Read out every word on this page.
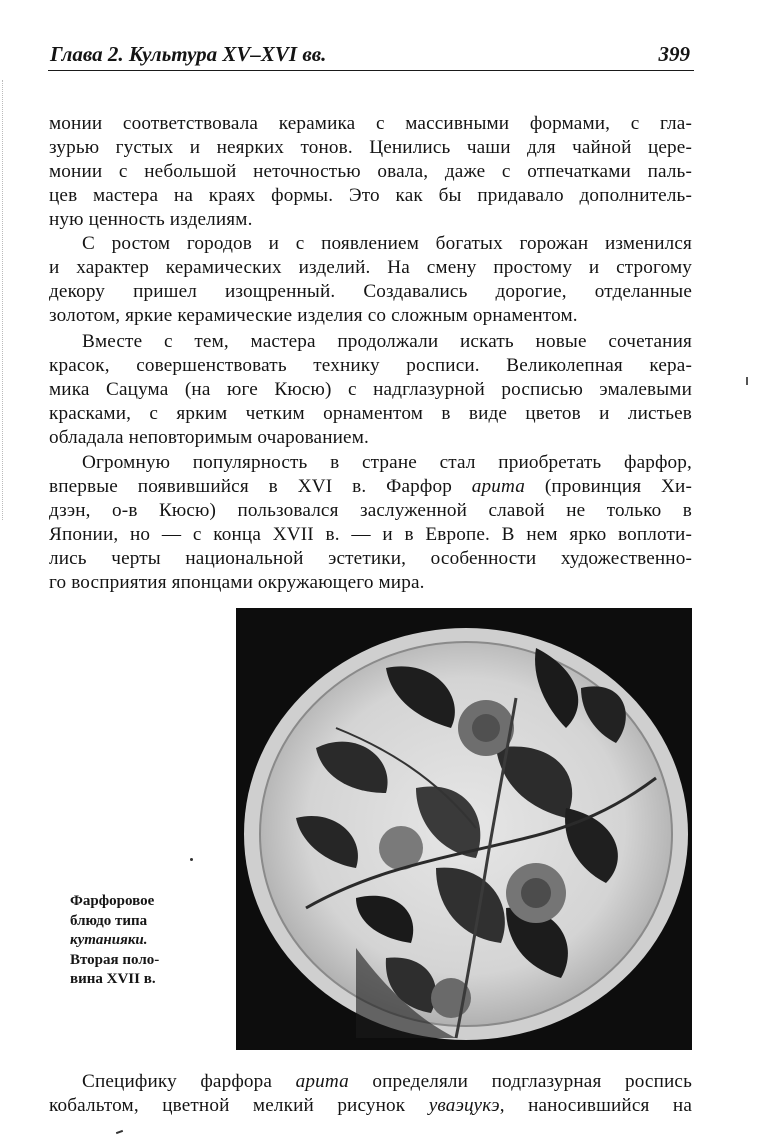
Глава 2. Культура XV–XVI вв.	399
монии соответствовала керамика с массивными формами, с гла-
зурью густых и неярких тонов. Ценились чаши для чайной цере-
монии с небольшой неточностью овала, даже с отпечатками паль-
цев мастера на краях формы. Это как бы придавало дополнитель-
ную ценность изделиям.
С ростом городов и с появлением богатых горожан изменился
и характер керамических изделий. На смену простому и строгому
декору пришел изощренный. Создавались дорогие, отделанные
золотом, яркие керамические изделия со сложным орнаментом.
Вместе с тем, мастера продолжали искать новые сочетания
красок, совершенствовать технику росписи. Великолепная кера-
мика Сацума (на юге Кюсю) с надглазурной росписью эмалевыми
красками, с ярким четким орнаментом в виде цветов и листьев
обладала неповторимым очарованием.
Огромную популярность в стране стал приобретать фарфор,
впервые появившийся в XVI в. Фарфор арита (провинция Хи-
дзэн, о-в Кюсю) пользовался заслуженной славой не только в
Японии, но — с конца XVII в. — и в Европе. В нем ярко воплоти-
лись черты национальной эстетики, особенности художественно-
го восприятия японцами окружающего мира.
Фарфоровое
блюдо типа
кутанияки.
Вторая поло-
вина XVII в.
Специфику фарфора арита определяли подглазурная роспись
кобальтом, цветной мелкий рисунок уваэцукэ, наносившийся на
